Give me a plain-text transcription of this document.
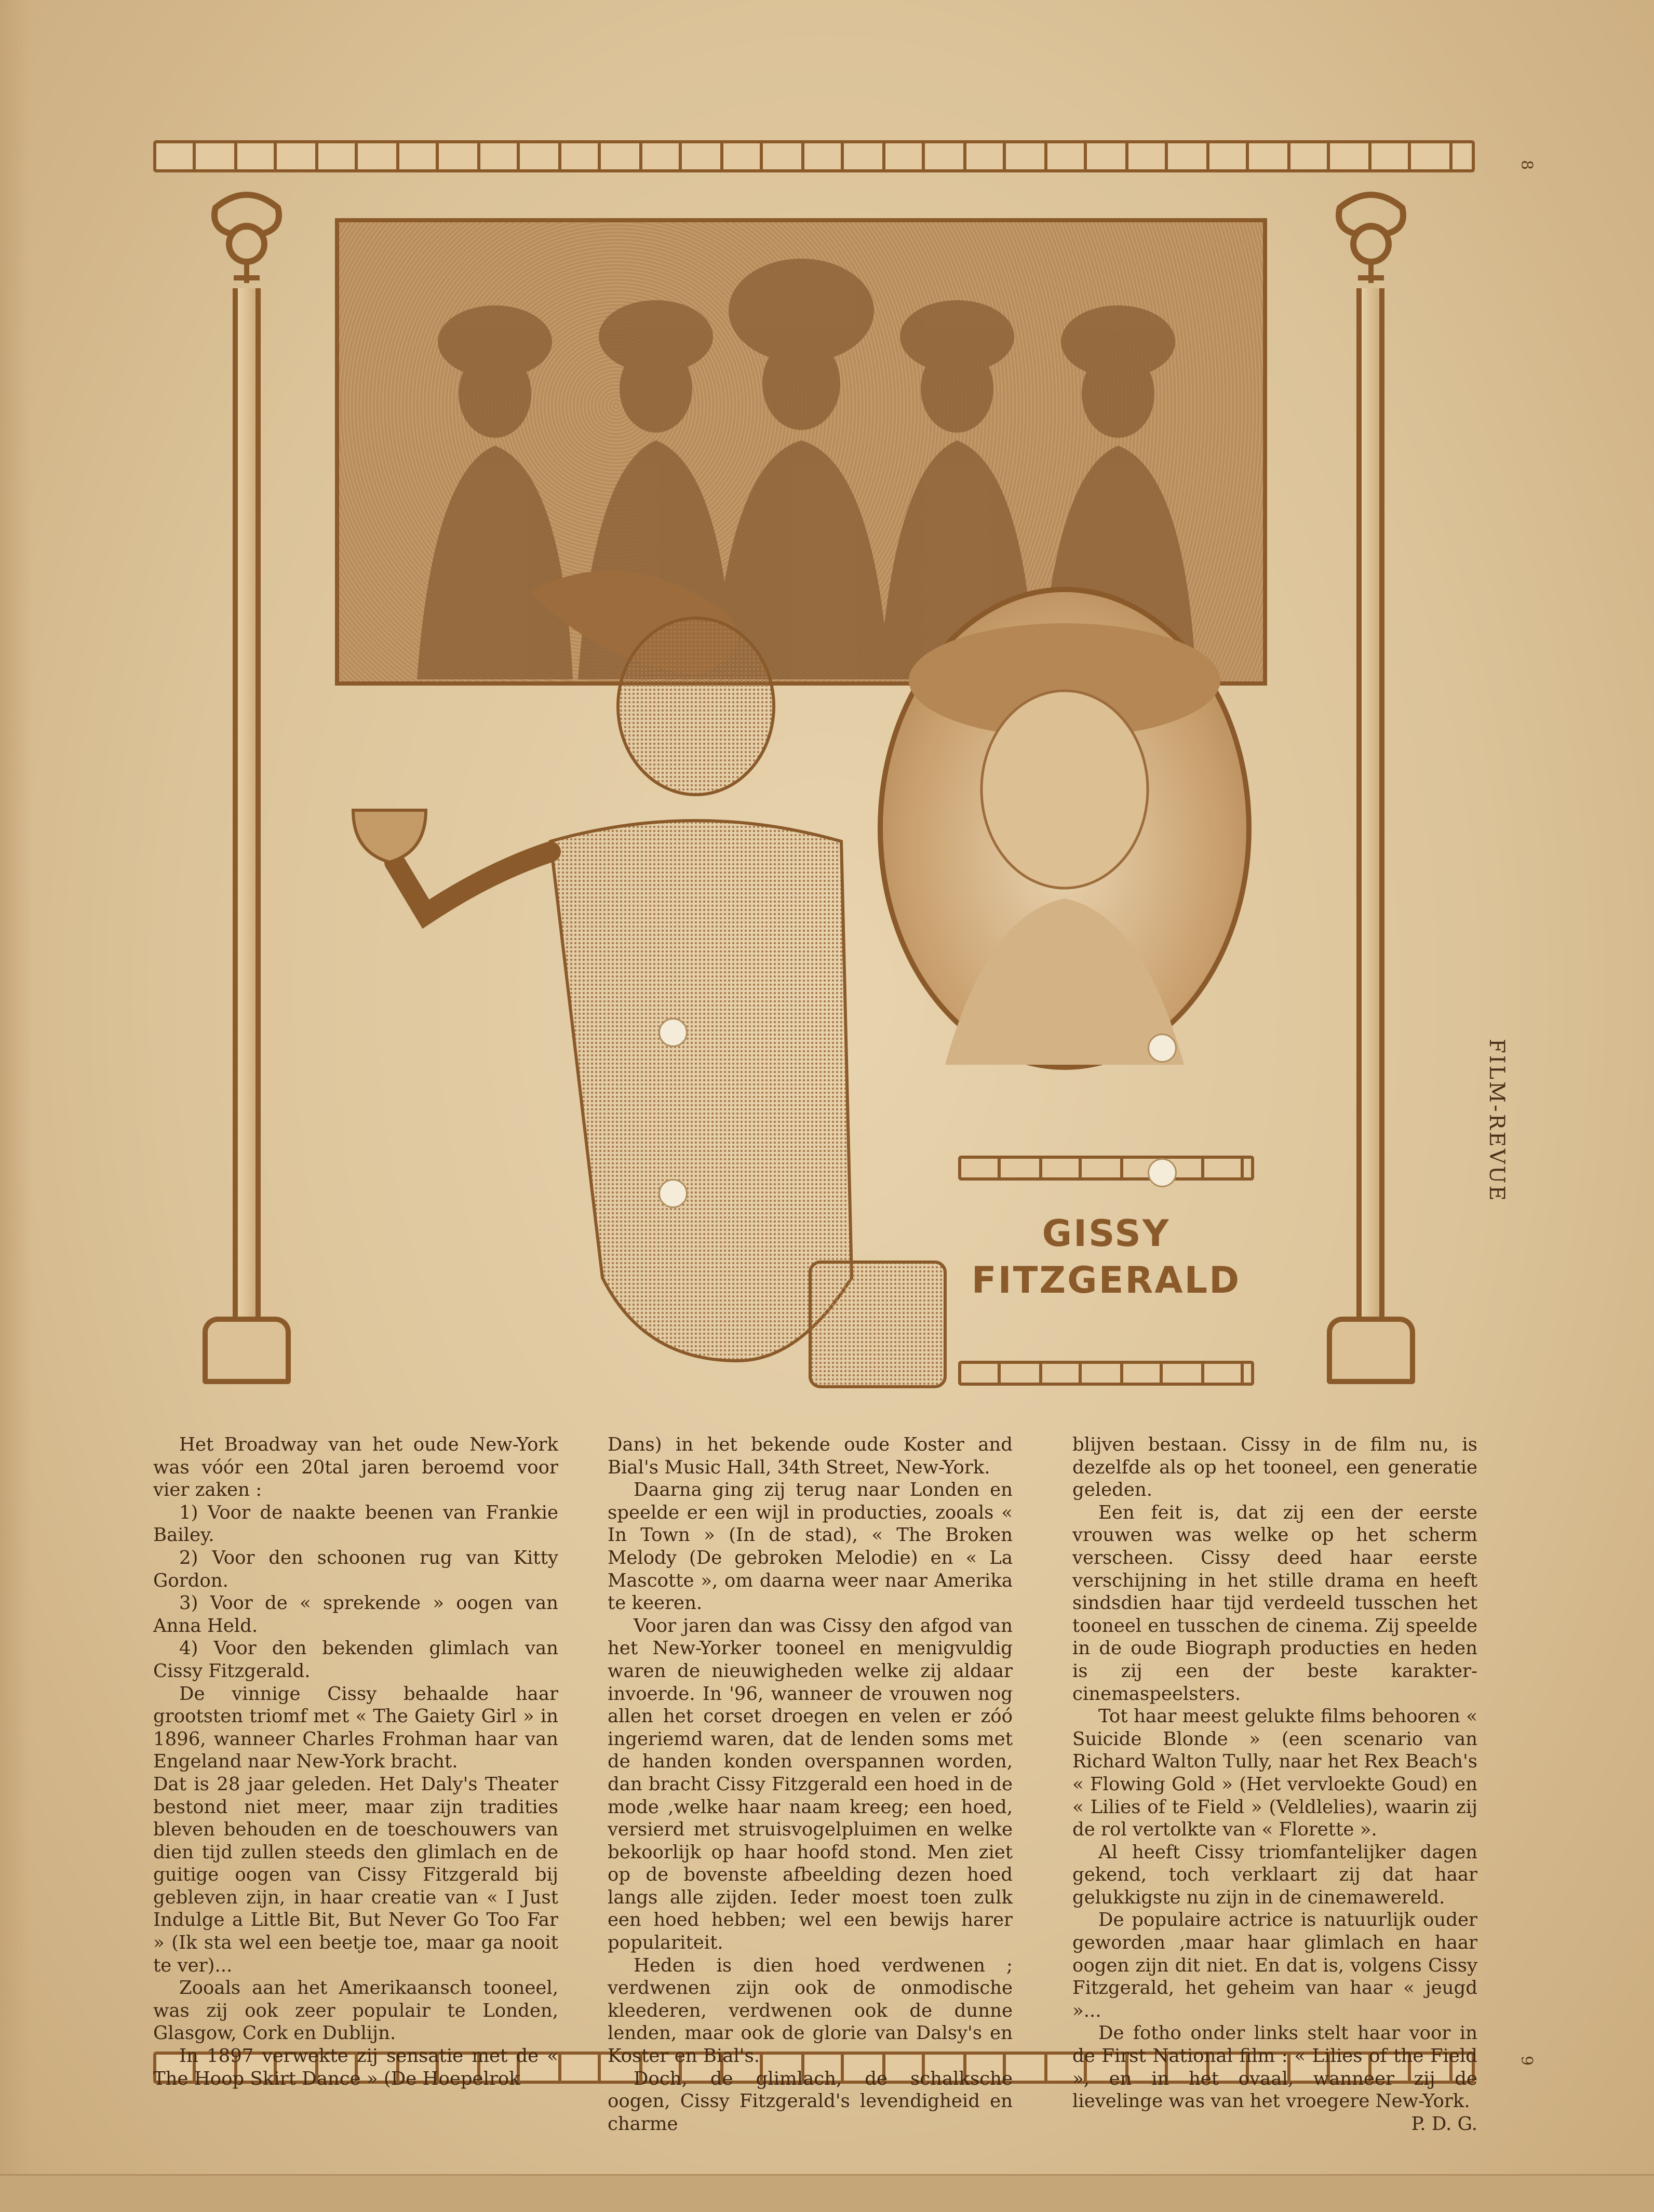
8
9
FILM-REVUE
GISSY
FITZGERALD

Het Broadway van het oude New-York was vóór een 20tal jaren beroemd voor vier zaken :

1) Voor de naakte beenen van Frankie Bailey.

2) Voor den schoonen rug van Kitty Gordon.

3) Voor de « sprekende » oogen van Anna Held.

4) Voor den bekenden glimlach van Cissy Fitzgerald.

De vinnige Cissy behaalde haar grootsten triomf met « The Gaiety Girl » in 1896, wanneer Charles Frohman haar van Engeland naar New-York bracht.

Dat is 28 jaar geleden. Het Daly's Theater bestond niet meer, maar zijn tradities bleven behouden en de toeschouwers van dien tijd zullen steeds den glimlach en de guitige oogen van Cissy Fitzgerald bij gebleven zijn, in haar creatie van « I Just Indulge a Little Bit, But Never Go Too Far » (Ik sta wel een beetje toe, maar ga nooit te ver)...

Zooals aan het Amerikaansch tooneel, was zij ook zeer populair te Londen, Glasgow, Cork en Dublijn.

In 1897 verwekte zij sensatie met de « The Hoop Skirt Dance » (De Hoepelrok

Dans) in het bekende oude Koster and Bial's Music Hall, 34th Street, New-York.

Daarna ging zij terug naar Londen en speelde er een wijl in producties, zooals « In Town » (In de stad), « The Broken Melody (De gebroken Melodie) en « La Mascotte », om daarna weer naar Amerika te keeren.

Voor jaren dan was Cissy den afgod van het New-Yorker tooneel en menigvuldig waren de nieuwigheden welke zij aldaar invoerde. In '96, wanneer de vrouwen nog allen het corset droegen en velen er zóó ingeriemd waren, dat de lenden soms met de handen konden overspannen worden, dan bracht Cissy Fitzgerald een hoed in de mode ,welke haar naam kreeg; een hoed, versierd met struisvogelpluimen en welke bekoorlijk op haar hoofd stond. Men ziet op de bovenste afbeelding dezen hoed langs alle zijden. Ieder moest toen zulk een hoed hebben; wel een bewijs harer populariteit.

Heden is dien hoed verdwenen ; verdwenen zijn ook de onmodische kleederen, verdwenen ook de dunne lenden, maar ook de glorie van Dalsy's en Koster en Bial's.

Doch, de glimlach, de schalksche oogen, Cissy Fitzgerald's levendigheid en charme

blijven bestaan. Cissy in de film nu, is dezelfde als op het tooneel, een generatie geleden.

Een feit is, dat zij een der eerste vrouwen was welke op het scherm verscheen. Cissy deed haar eerste verschijning in het stille drama en heeft sindsdien haar tijd verdeeld tusschen het tooneel en tusschen de cinema. Zij speelde in de oude Biograph producties en heden is zij een der beste karakter-cinemaspeelsters.

Tot haar meest gelukte films behooren « Suicide Blonde » (een scenario van Richard Walton Tully, naar het Rex Beach's « Flowing Gold » (Het vervloekte Goud) en « Lilies of te Field » (Veldlelies), waarin zij de rol vertolkte van « Florette ».

Al heeft Cissy triomfantelijker dagen gekend, toch verklaart zij dat haar gelukkigste nu zijn in de cinemawereld.

De populaire actrice is natuurlijk ouder geworden ,maar haar glimlach en haar oogen zijn dit niet. En dat is, volgens Cissy Fitzgerald, het geheim van haar « jeugd »...

De fotho onder links stelt haar voor in de First National film : « Lilies of the Field », en in het ovaal, wanneer zij de lievelinge was van het vroegere New-York.

P. D. G.
